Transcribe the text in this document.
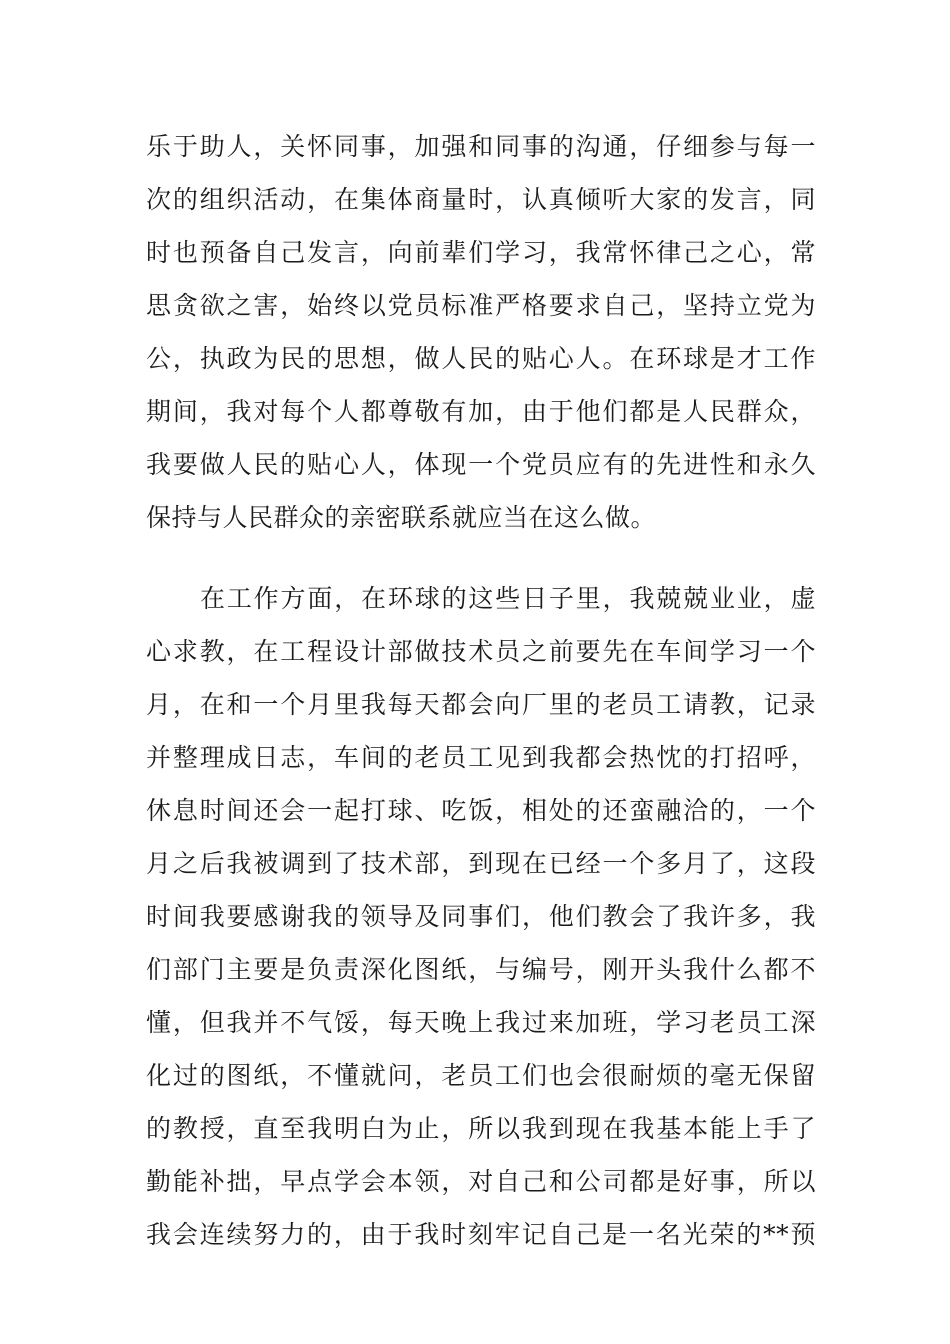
乐于助人，关怀同事，加强和同事的沟通，仔细参与每一
次的组织活动，在集体商量时，认真倾听大家的发言，同
时也预备自己发言，向前辈们学习，我常怀律己之心，常
思贪欲之害，始终以党员标准严格要求自己，坚持立党为
公，执政为民的思想，做人民的贴心人。在环球是才工作
期间，我对每个人都尊敬有加，由于他们都是人民群众，
我要做人民的贴心人，体现一个党员应有的先进性和永久
保持与人民群众的亲密联系就应当在这么做。
在工作方面，在环球的这些日子里，我兢兢业业，虚
心求教，在工程设计部做技术员之前要先在车间学习一个
月，在和一个月里我每天都会向厂里的老员工请教，记录
并整理成日志，车间的老员工见到我都会热忱的打招呼，
休息时间还会一起打球、吃饭，相处的还蛮融洽的，一个
月之后我被调到了技术部，到现在已经一个多月了，这段
时间我要感谢我的领导及同事们，他们教会了我许多，我
们部门主要是负责深化图纸，与编号，刚开头我什么都不
懂，但我并不气馁，每天晚上我过来加班，学习老员工深
化过的图纸，不懂就问，老员工们也会很耐烦的毫无保留
的教授，直至我明白为止，所以我到现在我基本能上手了
勤能补拙，早点学会本领，对自己和公司都是好事，所以
我会连续努力的，由于我时刻牢记自己是一名光荣的**预
